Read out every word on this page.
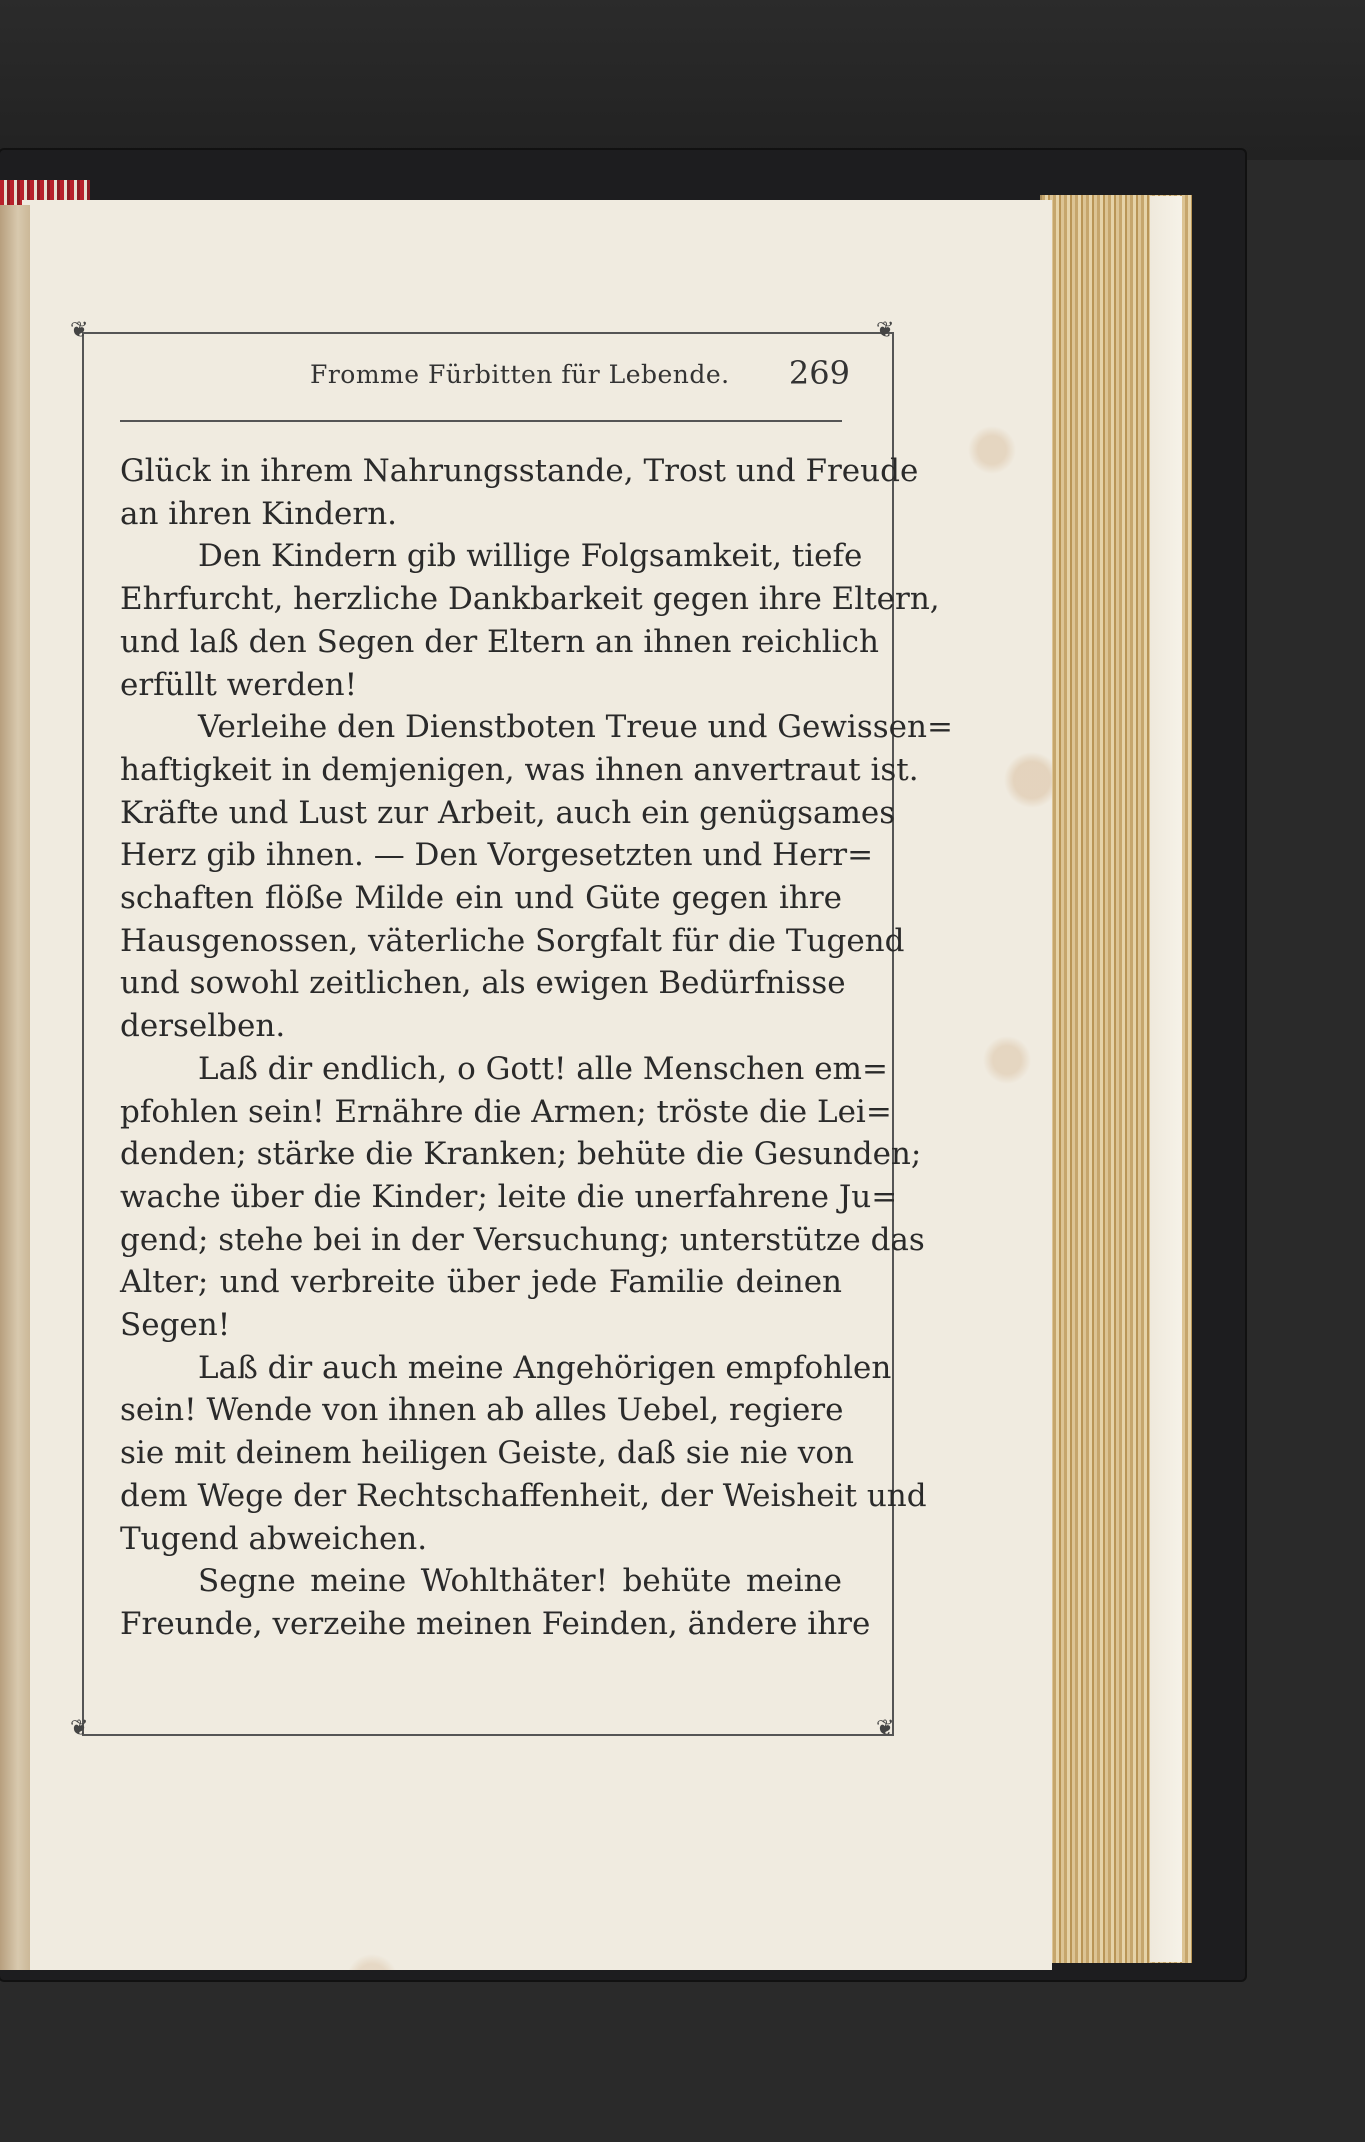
❦	❦
❦	❦
Fromme Fürbitten für Lebende. 269
Glück in ihrem Nahrungsstande, Trost und Freude
an ihren Kindern.
Den Kindern gib willige Folgsamkeit, tiefe
Ehrfurcht, herzliche Dankbarkeit gegen ihre Eltern,
und laß den Segen der Eltern an ihnen reichlich
erfüllt werden!
Verleihe den Dienstboten Treue und Gewissen=
haftigkeit in demjenigen, was ihnen anvertraut ist.
Kräfte und Lust zur Arbeit, auch ein genügsames
Herz gib ihnen. — Den Vorgesetzten und Herr=
schaften flöße Milde ein und Güte gegen ihre
Hausgenossen, väterliche Sorgfalt für die Tugend
und sowohl zeitlichen, als ewigen Bedürfnisse
derselben.
Laß dir endlich, o Gott! alle Menschen em=
pfohlen sein! Ernähre die Armen; tröste die Lei=
denden; stärke die Kranken; behüte die Gesunden;
wache über die Kinder; leite die unerfahrene Ju=
gend; stehe bei in der Versuchung; unterstütze das
Alter; und verbreite über jede Familie deinen
Segen!
Laß dir auch meine Angehörigen empfohlen
sein! Wende von ihnen ab alles Uebel, regiere
sie mit deinem heiligen Geiste, daß sie nie von
dem Wege der Rechtschaffenheit, der Weisheit und
Tugend abweichen.
Segne meine Wohlthäter! behüte meine
Freunde, verzeihe meinen Feinden, ändere ihre
